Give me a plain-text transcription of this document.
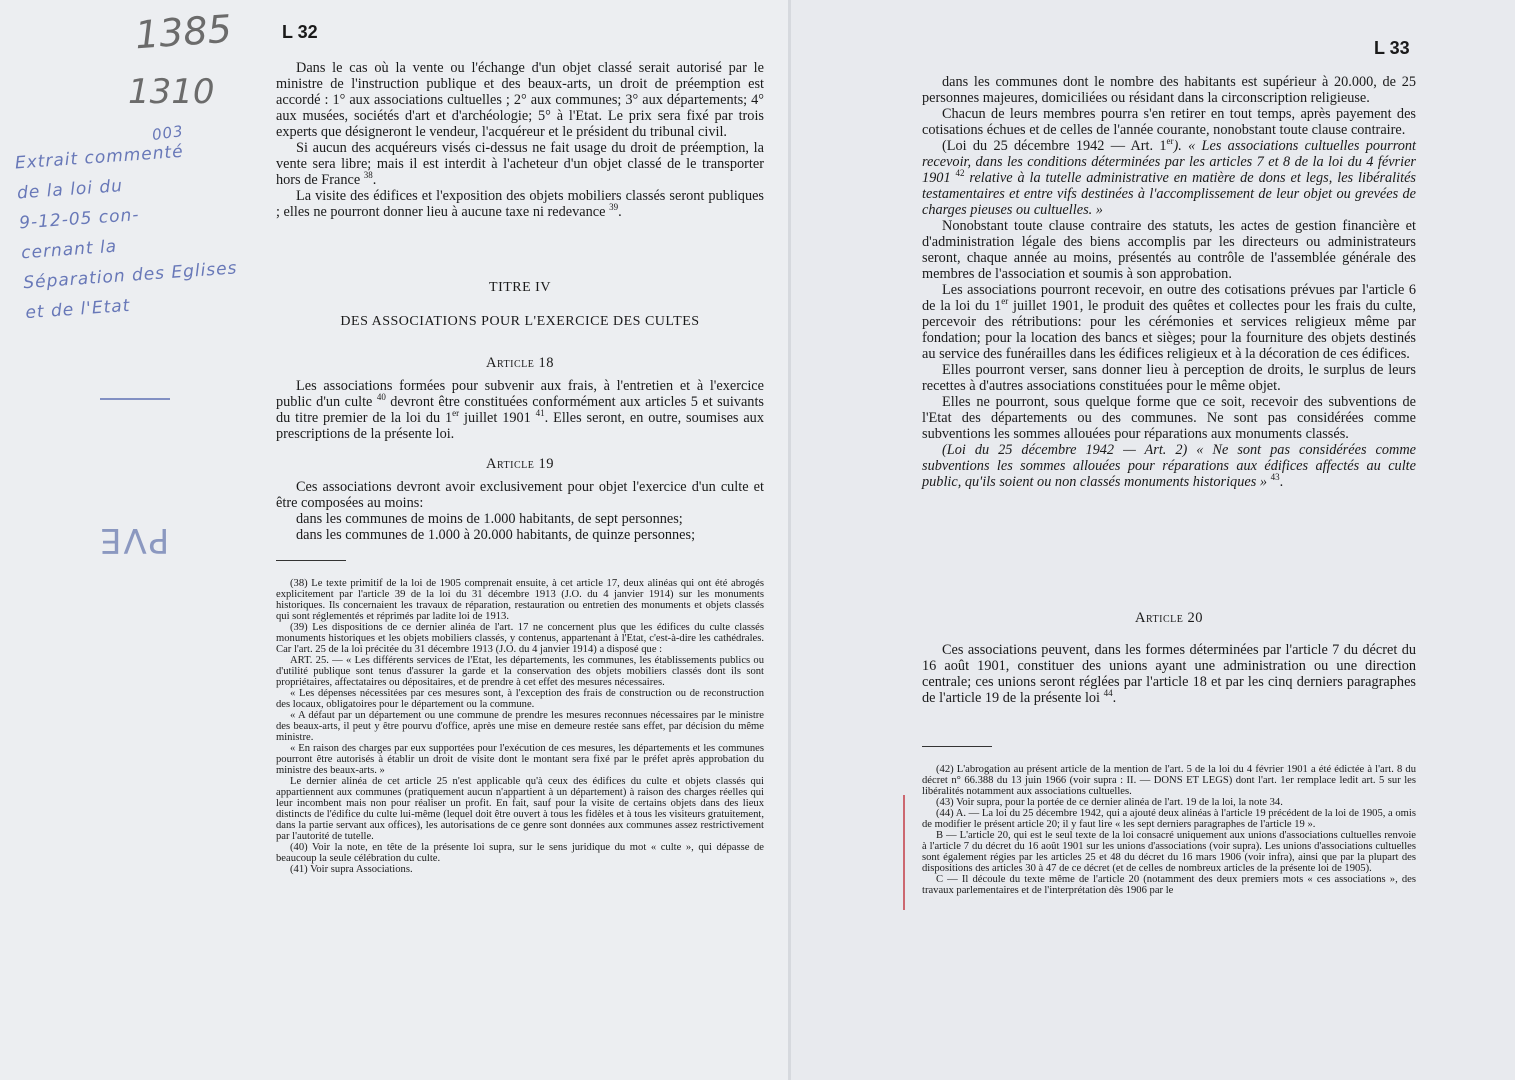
1385
1310
003
Extrait commenté
de la loi du
9-12-05 con-
cernant la
Séparation des Eglises
et de l'Etat
PVE
L 32

Dans le cas où la vente ou l'échange d'un objet classé serait autorisé par le ministre de l'instruction publique et des beaux-arts, un droit de préemption est accordé : 1° aux associations cultuelles ; 2° aux communes; 3° aux départements; 4° aux musées, sociétés d'art et d'archéologie; 5° à l'Etat. Le prix sera fixé par trois experts que désigneront le vendeur, l'acquéreur et le président du tribunal civil.

Si aucun des acquéreurs visés ci-dessus ne fait usage du droit de préemption, la vente sera libre; mais il est interdit à l'acheteur d'un objet classé de le transporter hors de France $^{38}$.

La visite des édifices et l'exposition des objets mobiliers classés seront publiques ; elles ne pourront donner lieu à aucune taxe ni redevance $^{39}$.

TITRE IV
DES ASSOCIATIONS POUR L'EXERCICE DES CULTES
Article 18

Les associations formées pour subvenir aux frais, à l'entretien et à l'exercice public d'un culte $^{40}$ devront être constituées conformément aux articles 5 et suivants du titre premier de la loi du 1er juillet 1901 $^{41}$. Elles seront, en outre, soumises aux prescriptions de la présente loi.

Article 19

Ces associations devront avoir exclusivement pour objet l'exercice d'un culte et être composées au moins:

dans les communes de moins de 1.000 habitants, de sept personnes;

dans les communes de 1.000 à 20.000 habitants, de quinze personnes;

(38) Le texte primitif de la loi de 1905 comprenait ensuite, à cet article 17, deux alinéas qui ont été abrogés explicitement par l'article 39 de la loi du 31 décembre 1913 (J.O. du 4 janvier 1914) sur les monuments historiques. Ils concernaient les travaux de réparation, restauration ou entretien des monuments et objets classés qui sont réglementés et réprimés par ladite loi de 1913.

(39) Les dispositions de ce dernier alinéa de l'art. 17 ne concernent plus que les édifices du culte classés monuments historiques et les objets mobiliers classés, y contenus, appartenant à l'Etat, c'est-à-dire les cathédrales. Car l'art. 25 de la loi précitée du 31 décembre 1913 (J.O. du 4 janvier 1914) a disposé que :

ART. 25. — « Les différents services de l'Etat, les départements, les communes, les établissements publics ou d'utilité publique sont tenus d'assurer la garde et la conservation des objets mobiliers classés dont ils sont propriétaires, affectataires ou dépositaires, et de prendre à cet effet des mesures nécessaires.

« Les dépenses nécessitées par ces mesures sont, à l'exception des frais de construction ou de reconstruction des locaux, obligatoires pour le département ou la commune.

« A défaut par un département ou une commune de prendre les mesures reconnues nécessaires par le ministre des beaux-arts, il peut y être pourvu d'office, après une mise en demeure restée sans effet, par décision du même ministre.

« En raison des charges par eux supportées pour l'exécution de ces mesures, les départements et les communes pourront être autorisés à établir un droit de visite dont le montant sera fixé par le préfet après approbation du ministre des beaux-arts. »

Le dernier alinéa de cet article 25 n'est applicable qu'à ceux des édifices du culte et objets classés qui appartiennent aux communes (pratiquement aucun n'appartient à un département) à raison des charges réelles qui leur incombent mais non pour réaliser un profit. En fait, sauf pour la visite de certains objets dans des lieux distincts de l'édifice du culte lui-même (lequel doit être ouvert à tous les fidèles et à tous les visiteurs gratuitement, dans la partie servant aux offices), les autorisations de ce genre sont données aux communes assez restrictivement par l'autorité de tutelle.

(40) Voir la note, en tête de la présente loi supra, sur le sens juridique du mot « culte », qui dépasse de beaucoup la seule célébration du culte.

(41) Voir supra Associations.

L 33

dans les communes dont le nombre des habitants est supérieur à 20.000, de 25 personnes majeures, domiciliées ou résidant dans la circonscription religieuse.

Chacun de leurs membres pourra s'en retirer en tout temps, après payement des cotisations échues et de celles de l'année courante, nonobstant toute clause contraire.

(Loi du 25 décembre 1942 — Art. 1er). « Les associations cultuelles pourront recevoir, dans les conditions déterminées par les articles 7 et 8 de la loi du 4 février 1901 $^{42}$ relative à la tutelle administrative en matière de dons et legs, les libéralités testamentaires et entre vifs destinées à l'accomplissement de leur objet ou grevées de charges pieuses ou cultuelles. »

Nonobstant toute clause contraire des statuts, les actes de gestion financière et d'administration légale des biens accomplis par les directeurs ou administrateurs seront, chaque année au moins, présentés au contrôle de l'assemblée générale des membres de l'association et soumis à son approbation.

Les associations pourront recevoir, en outre des cotisations prévues par l'article 6 de la loi du 1er juillet 1901, le produit des quêtes et collectes pour les frais du culte, percevoir des rétributions: pour les cérémonies et services religieux même par fondation; pour la location des bancs et sièges; pour la fourniture des objets destinés au service des funérailles dans les édifices religieux et à la décoration de ces édifices.

Elles pourront verser, sans donner lieu à perception de droits, le surplus de leurs recettes à d'autres associations constituées pour le même objet.

Elles ne pourront, sous quelque forme que ce soit, recevoir des subventions de l'Etat des départements ou des communes. Ne sont pas considérées comme subventions les sommes allouées pour réparations aux monuments classés.

(Loi du 25 décembre 1942 — Art. 2) « Ne sont pas considérées comme subventions les sommes allouées pour réparations aux édifices affectés au culte public, qu'ils soient ou non classés monuments historiques » $^{43}$.

Article 20

Ces associations peuvent, dans les formes déterminées par l'article 7 du décret du 16 août 1901, constituer des unions ayant une administration ou une direction centrale; ces unions seront réglées par l'article 18 et par les cinq derniers paragraphes de l'article 19 de la présente loi $^{44}$.

(42) L'abrogation au présent article de la mention de l'art. 5 de la loi du 4 février 1901 a été édictée à l'art. 8 du décret n° 66.388 du 13 juin 1966 (voir supra : II. — DONS ET LEGS) dont l'art. 1er remplace ledit art. 5 sur les libéralités notamment aux associations cultuelles.

(43) Voir supra, pour la portée de ce dernier alinéa de l'art. 19 de la loi, la note 34.

(44) A. — La loi du 25 décembre 1942, qui a ajouté deux alinéas à l'article 19 précédent de la loi de 1905, a omis de modifier le présent article 20; il y faut lire « les sept derniers paragraphes de l'article 19 ».

B — L'article 20, qui est le seul texte de la loi consacré uniquement aux unions d'associations cultuelles renvoie à l'article 7 du décret du 16 août 1901 sur les unions d'associations (voir supra). Les unions d'associations cultuelles sont également régies par les articles 25 et 48 du décret du 16 mars 1906 (voir infra), ainsi que par la plupart des dispositions des articles 30 à 47 de ce décret (et de celles de nombreux articles de la présente loi de 1905).

C — Il découle du texte même de l'article 20 (notamment des deux premiers mots « ces associations », des travaux parlementaires et de l'interprétation dès 1906 par le
